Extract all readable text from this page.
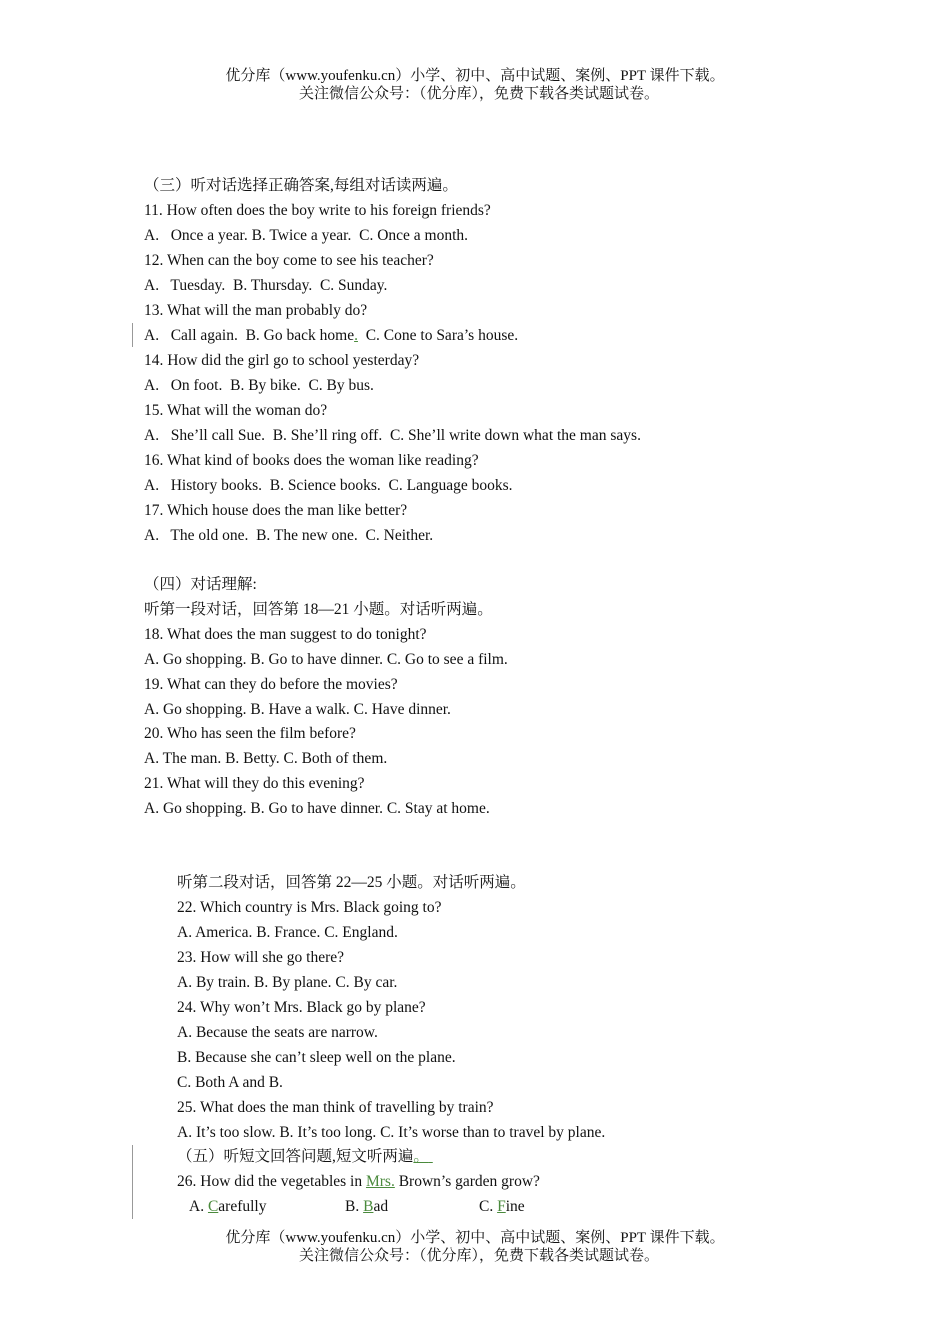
优分库（www.youfenku.cn）小学、初中、高中试题、案例、PPT 课件下载。
关注微信公众号：（优分库），免费下载各类试题试卷。
（三）听对话选择正确答案,每组对话读两遍。
11. How often does the boy write to his foreign friends?
A.   Once a year. B. Twice a year.  C. Once a month.
12. When can the boy come to see his teacher?
A.   Tuesday.  B. Thursday.  C. Sunday.
13. What will the man probably do?
A.   Call again.  B. Go back home.  C. Cone to Sara’s house.
14. How did the girl go to school yesterday?
A.   On foot.  B. By bike.  C. By bus.
15. What will the woman do?
A.   She’ll call Sue.  B. She’ll ring off.  C. She’ll write down what the man says.
16. What kind of books does the woman like reading?
A.   History books.  B. Science books.  C. Language books.
17. Which house does the man like better?
A.   The old one.  B. The new one.  C. Neither.
（四）对话理解:
听第一段对话，回答第 18—21 小题。对话听两遍。
18. What does the man suggest to do tonight?
A. Go shopping. B. Go to have dinner. C. Go to see a film.
19. What can they do before the movies?
A. Go shopping. B. Have a walk. C. Have dinner.
20. Who has seen the film before?
A. The man. B. Betty. C. Both of them.
21. What will they do this evening?
A. Go shopping. B. Go to have dinner. C. Stay at home.
听第二段对话，回答第 22—25 小题。对话听两遍。
22. Which country is Mrs. Black going to?
A. America. B. France. C. England.
23. How will she go there?
A. By train. B. By plane. C. By car.
24. Why won’t Mrs. Black go by plane?
A. Because the seats are narrow.
B. Because she can’t sleep well on the plane.
C. Both A and B.
25. What does the man think of travelling by train?
A. It’s too slow. B. It’s too long. C. It’s worse than to travel by plane.
（五）听短文回答问题,短文听两遍。
26. How did the vegetables in Mrs. Brown’s garden grow?
A. Carefully	B. Bad	C. Fine
优分库（www.youfenku.cn）小学、初中、高中试题、案例、PPT 课件下载。
关注微信公众号：（优分库），免费下载各类试题试卷。
